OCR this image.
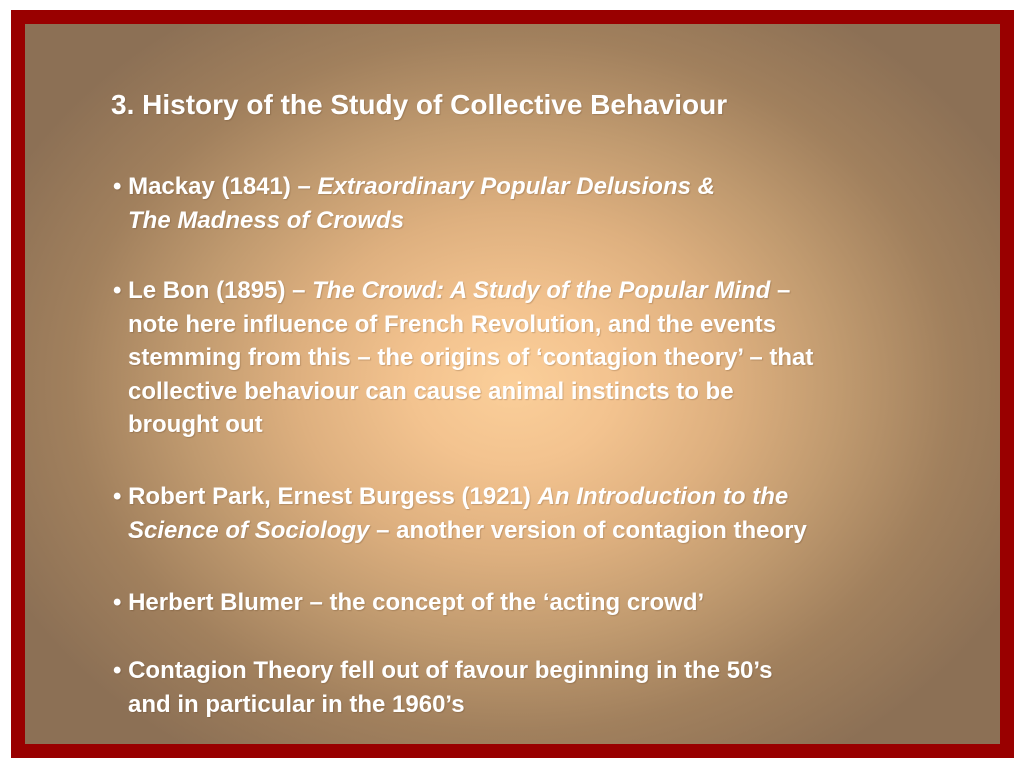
3. History of the Study of Collective Behaviour
• Mackay (1841) – Extraordinary Popular Delusions &
The Madness of Crowds
• Le Bon (1895) – The Crowd: A Study of the Popular Mind –
note here influence of French Revolution, and the events
stemming from this – the origins of ‘contagion theory’ – that
collective behaviour can cause animal instincts to be
brought out
• Robert Park, Ernest Burgess (1921) An Introduction to the
Science of Sociology – another version of contagion theory
• Herbert Blumer – the concept of the ‘acting crowd’
• Contagion Theory fell out of favour beginning in the 50’s
and in particular in the 1960’s
